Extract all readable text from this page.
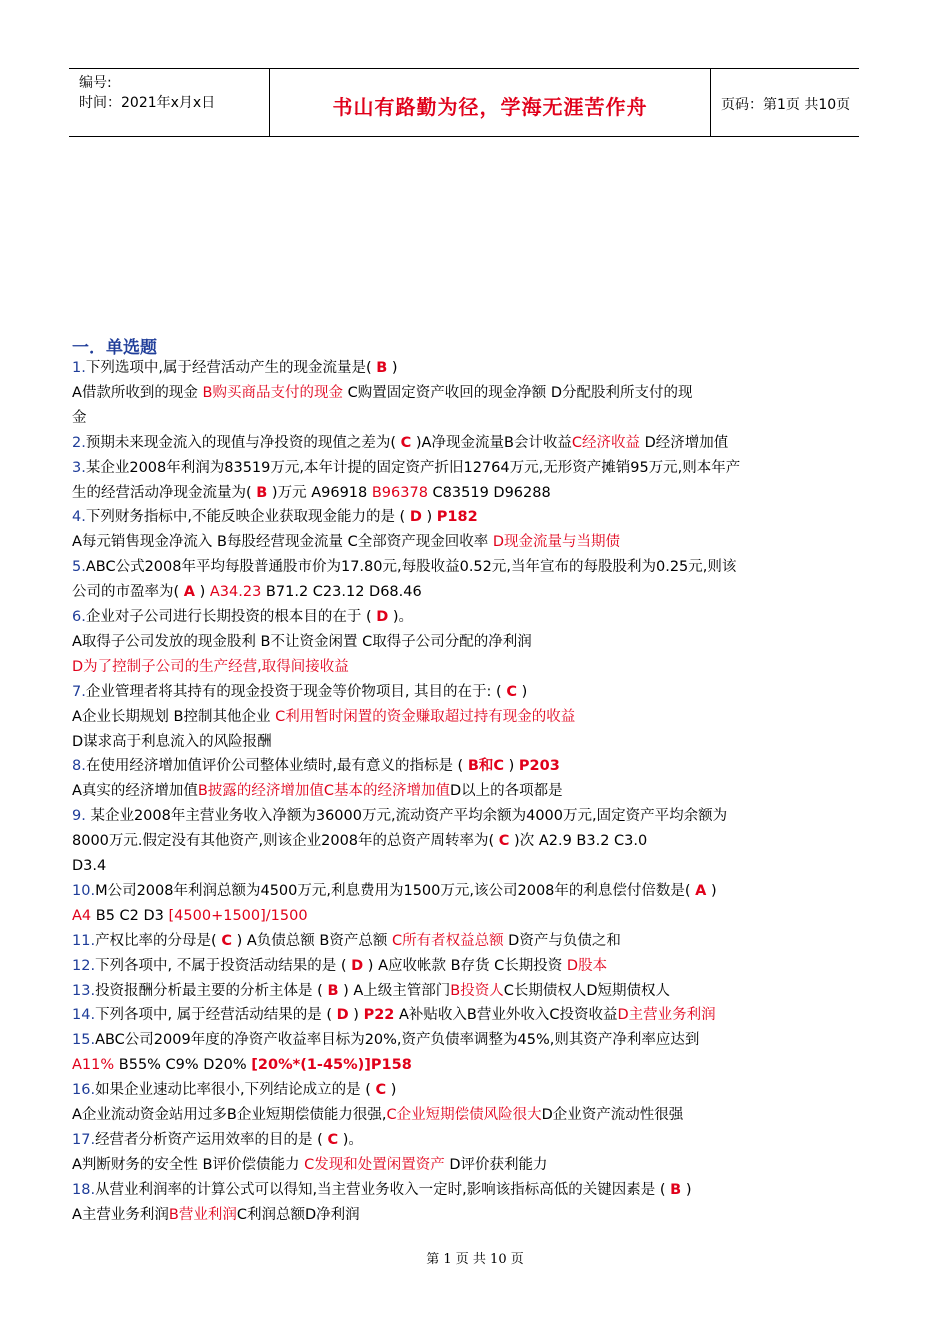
编号:
时间：2021年x月x日	书山有路勤为径，学海无涯苦作舟	页码：第1页 共10页
一．单选题
1.下列选项中,属于经营活动产生的现金流量是( B )
A借款所收到的现金 B购买商品支付的现金 C购置固定资产收回的现金净额 D分配股利所支付的现
金
2.预期未来现金流入的现值与净投资的现值之差为( C )A净现金流量B会计收益C经济收益 D经济增加值
3.某企业2008年利润为83519万元,本年计提的固定资产折旧12764万元,无形资产摊销95万元,则本年产
生的经营活动净现金流量为( B )万元 A96918 B96378 C83519 D96288
4.下列财务指标中,不能反映企业获取现金能力的是 ( D ) P182
A每元销售现金净流入 B每股经营现金流量 C全部资产现金回收率 D现金流量与当期债
5.ABC公式2008年平均每股普通股市价为17.80元,每股收益0.52元,当年宣布的每股股利为0.25元,则该
公司的市盈率为( A ) A34.23 B71.2 C23.12 D68.46
6.企业对子公司进行长期投资的根本目的在于 ( D )。
A取得子公司发放的现金股利 B不让资金闲置 C取得子公司分配的净利润
D为了控制子公司的生产经营,取得间接收益
7.企业管理者将其持有的现金投资于现金等价物项目, 其目的在于: ( C )
A企业长期规划 B控制其他企业 C利用暂时闲置的资金赚取超过持有现金的收益
D谋求高于利息流入的风险报酬
8.在使用经济增加值评价公司整体业绩时,最有意义的指标是 ( B和C ) P203
A真实的经济增加值B披露的经济增加值C基本的经济增加值D以上的各项都是
9. 某企业2008年主营业务收入净额为36000万元,流动资产平均余额为4000万元,固定资产平均余额为
8000万元.假定没有其他资产,则该企业2008年的总资产周转率为( C )次 A2.9 B3.2 C3.0
D3.4
10.M公司2008年利润总额为4500万元,利息费用为1500万元,该公司2008年的利息偿付倍数是( A )
A4 B5 C2 D3 [4500+1500]/1500
11.产权比率的分母是( C ) A负债总额 B资产总额 C所有者权益总额 D资产与负债之和
12.下列各项中, 不属于投资活动结果的是 ( D ) A应收帐款 B存货 C长期投资 D股本
13.投资报酬分析最主要的分析主体是 ( B ) A上级主管部门B投资人C长期债权人D短期债权人
14.下列各项中, 属于经营活动结果的是 ( D ) P22 A补贴收入B营业外收入C投资收益D主营业务利润
15.ABC公司2009年度的净资产收益率目标为20%,资产负债率调整为45%,则其资产净利率应达到
A11% B55% C9% D20% [20%*(1-45%)]P158
16.如果企业速动比率很小,下列结论成立的是 ( C )
A企业流动资金站用过多B企业短期偿债能力很强,C企业短期偿债风险很大D企业资产流动性很强
17.经营者分析资产运用效率的目的是 ( C )。
A判断财务的安全性 B评价偿债能力 C发现和处置闲置资产 D评价获利能力
18.从营业利润率的计算公式可以得知,当主营业务收入一定时,影响该指标高低的关键因素是 ( B )
A主营业务利润B营业利润C利润总额D净利润
第 1 页 共 10 页
